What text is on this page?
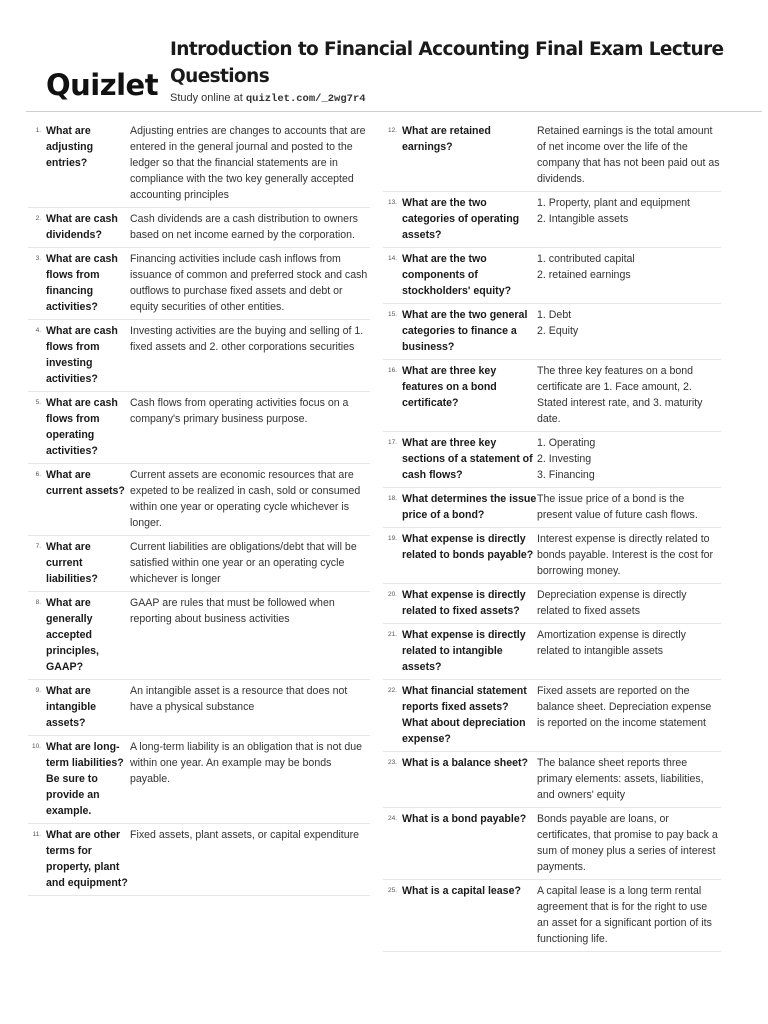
Quizlet
Introduction to Financial Accounting Final Exam Lecture Questions
Study online at quizlet.com/_2wg7r4
1. What are adjusting entries?
Adjusting entries are changes to accounts that are entered in the general journal and posted to the ledger so that the financial statements are in compliance with the two key generally accepted accounting principles
2. What are cash dividends?
Cash dividends are a cash distribution to owners based on net income earned by the corporation.
3. What are cash flows from financing activities?
Financing activities include cash inflows from issuance of common and preferred stock and cash outflows to purchase fixed assets and debt or equity securities of other entities.
4. What are cash flows from investing activities?
Investing activities are the buying and selling of 1. fixed assets and 2. other corporations securities
5. What are cash flows from operating activities?
Cash flows from operating activities focus on a company's primary business purpose.
6. What are current assets?
Current assets are economic resources that are expeted to be realized in cash, sold or consumed within one year or operating cycle whichever is longer.
7. What are current liabilities?
Current liabilities are obligations/debt that will be satisfied within one year or an operating cycle whichever is longer
8. What are generally accepted principles, GAAP?
GAAP are rules that must be followed when reporting about business activities
9. What are intangible assets?
An intangible asset is a resource that does not have a physical substance
10. What are long-term liabilities? Be sure to provide an example.
A long-term liability is an obligation that is not due within one year. An example may be bonds payable.
11. What are other terms for property, plant and equipment?
Fixed assets, plant assets, or capital expenditure
12. What are retained earnings?
Retained earnings is the total amount of net income over the life of the company that has not been paid out as dividends.
13. What are the two categories of operating assets?
1. Property, plant and equipment
2. Intangible assets
14. What are the two components of stockholders' equity?
1. contributed capital
2. retained earnings
15. What are the two general categories to finance a business?
1. Debt
2. Equity
16. What are three key features on a bond certificate?
The three key features on a bond certificate are 1. Face amount, 2. Stated interest rate, and 3. maturity date.
17. What are three key sections of a statement of cash flows?
1. Operating
2. Investing
3. Financing
18. What determines the issue price of a bond?
The issue price of a bond is the present value of future cash flows.
19. What expense is directly related to bonds payable?
Interest expense is directly related to bonds payable. Interest is the cost for borrowing money.
20. What expense is directly related to fixed assets?
Depreciation expense is directly related to fixed assets
21. What expense is directly related to intangible assets?
Amortization expense is directly related to intangible assets
22. What financial statement reports fixed assets? What about depreciation expense?
Fixed assets are reported on the balance sheet. Depreciation expense is reported on the income statement
23. What is a balance sheet? The balance sheet reports three primary elements: assets, liabilities, and owners' equity
24. What is a bond payable?	Bonds payable are loans, or certificates, that promise to pay back a sum of money plus a series of interest payments.
25. What is a capital lease?	A capital lease is a long term rental agreement that is for the right to use an asset for a significant portion of its functioning life.
